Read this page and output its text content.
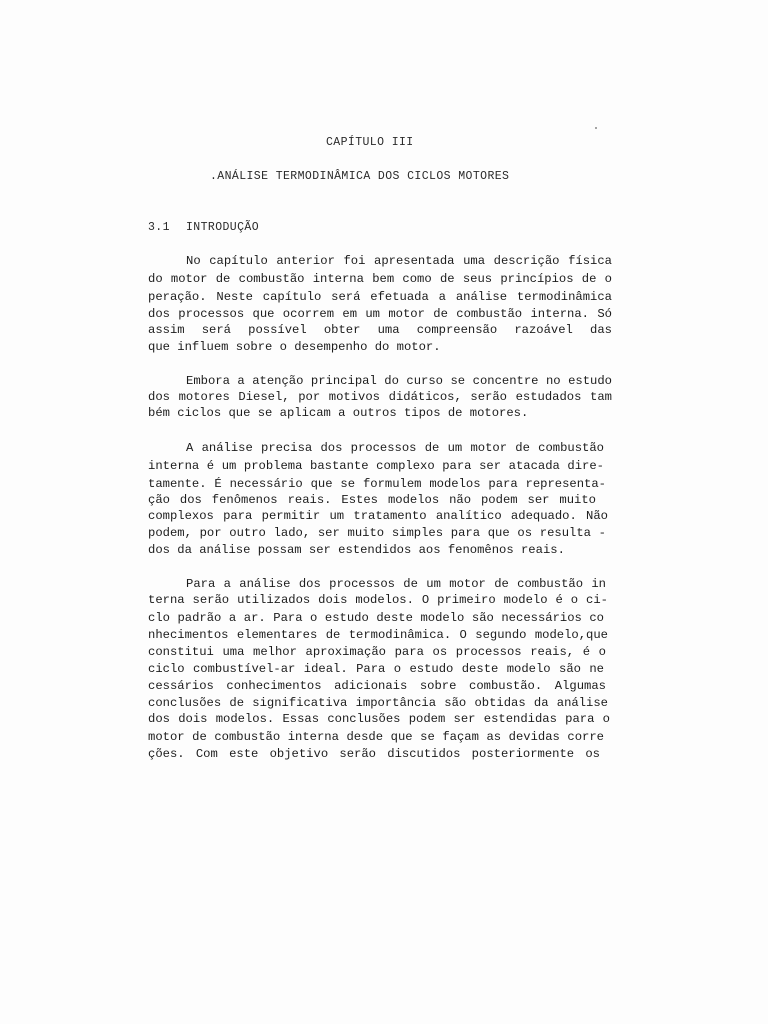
CAPÍTULO III
.ANÁLISE TERMODINÂMICA DOS CICLOS MOTORES
3.1 INTRODUÇÃO
No capítulo anterior foi apresentada uma descrição física
do motor de combustão interna bem como de seus princípios de o
peração. Neste capítulo será efetuada a análise termodinâmica
dos processos que ocorrem em um motor de combustão interna. Só
assim será possível obter uma compreensão razoável das
que influem sobre o desempenho do motor.
Embora a atenção principal do curso se concentre no estudo
dos motores Diesel, por motivos didáticos, serão estudados tam
bém ciclos que se aplicam a outros tipos de motores.
A análise precisa dos processos de um motor de combustão
interna é um problema bastante complexo para ser atacada dire-
tamente. É necessário que se formulem modelos para representa-
ção dos fenômenos reais. Estes modelos não podem ser muito
complexos para permitir um tratamento analítico adequado. Não
podem, por outro lado, ser muito simples para que os resulta -
dos da análise possam ser estendidos aos fenomênos reais.
Para a análise dos processos de um motor de combustão in
terna serão utilizados dois modelos. O primeiro modelo é o ci-
clo padrão a ar. Para o estudo deste modelo são necessários co
nhecimentos elementares de termodinâmica. O segundo modelo,que
constitui uma melhor aproximação para os processos reais, é o
ciclo combustível-ar ideal. Para o estudo deste modelo são ne
cessários conhecimentos adicionais sobre combustão. Algumas
conclusões de significativa importância são obtidas da análise
dos dois modelos. Essas conclusões podem ser estendidas para o
motor de combustão interna desde que se façam as devidas corre
ções. Com este objetivo serão discutidos posteriormente os
